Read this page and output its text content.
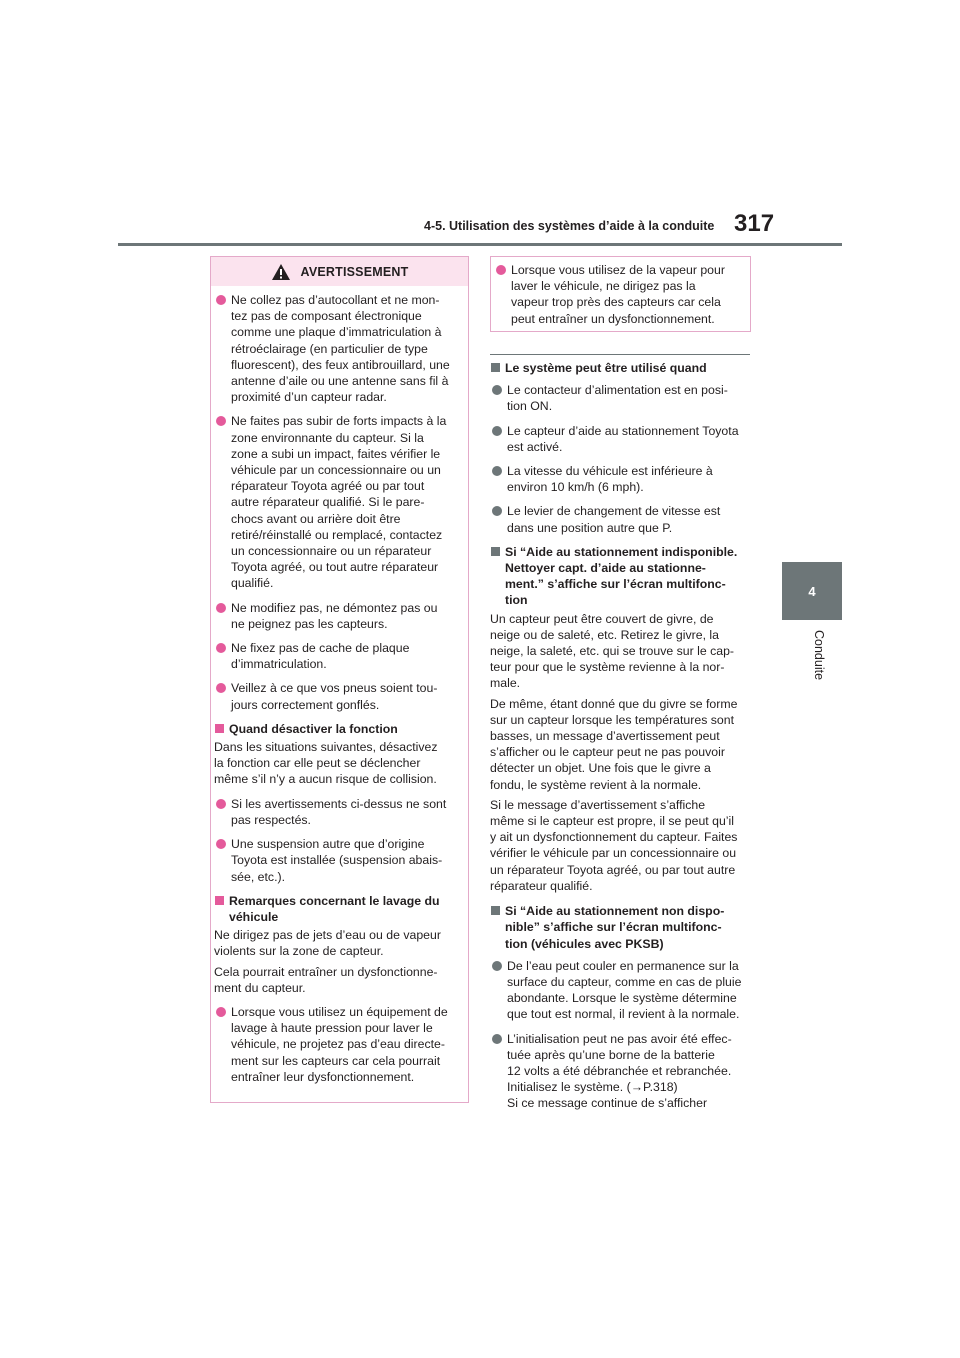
4-5. Utilisation des systèmes d’aide à la conduite 317
4
Conduite
AVERTISSEMENT
Ne collez pas d’autocollant et ne mon-
tez pas de composant électronique
comme une plaque d’immatriculation à
rétroéclairage (en particulier de type
fluorescent), des feux antibrouillard, une
antenne d’aile ou une antenne sans fil à
proximité d’un capteur radar.
Ne faites pas subir de forts impacts à la
zone environnante du capteur. Si la
zone a subi un impact, faites vérifier le
véhicule par un concessionnaire ou un
réparateur Toyota agréé ou par tout
autre réparateur qualifié. Si le pare-
chocs avant ou arrière doit être
retiré/réinstallé ou remplacé, contactez
un concessionnaire ou un réparateur
Toyota agréé, ou tout autre réparateur
qualifié.
Ne modifiez pas, ne démontez pas ou
ne peignez pas les capteurs.
Ne fixez pas de cache de plaque
d’immatriculation.
Veillez à ce que vos pneus soient tou-
jours correctement gonflés.
Quand désactiver la fonction
Dans les situations suivantes, désactivez
la fonction car elle peut se déclencher
même s’il n’y a aucun risque de collision.
Si les avertissements ci-dessus ne sont
pas respectés.
Une suspension autre que d’origine
Toyota est installée (suspension abais-
sée, etc.).
Remarques concernant le lavage du
véhicule
Ne dirigez pas de jets d’eau ou de vapeur
violents sur la zone de capteur.
Cela pourrait entraîner un dysfonctionne-
ment du capteur.
Lorsque vous utilisez un équipement de
lavage à haute pression pour laver le
véhicule, ne projetez pas d’eau directe-
ment sur les capteurs car cela pourrait
entraîner leur dysfonctionnement.
Lorsque vous utilisez de la vapeur pour
laver le véhicule, ne dirigez pas la
vapeur trop près des capteurs car cela
peut entraîner un dysfonctionnement.
Le système peut être utilisé quand
Le contacteur d’alimentation est en posi-
tion ON.
Le capteur d’aide au stationnement Toyota
est activé.
La vitesse du véhicule est inférieure à
environ 10 km/h (6 mph).
Le levier de changement de vitesse est
dans une position autre que P.
Si “Aide au stationnement indisponible.
Nettoyer capt. d’aide au stationne-
ment.” s’affiche sur l’écran multifonc-
tion
Un capteur peut être couvert de givre, de
neige ou de saleté, etc. Retirez le givre, la
neige, la saleté, etc. qui se trouve sur le cap-
teur pour que le système revienne à la nor-
male.
De même, étant donné que du givre se forme
sur un capteur lorsque les températures sont
basses, un message d’avertissement peut
s’afficher ou le capteur peut ne pas pouvoir
détecter un objet. Une fois que le givre a
fondu, le système revient à la normale.
Si le message d’avertissement s’affiche
même si le capteur est propre, il se peut qu’il
y ait un dysfonctionnement du capteur. Faites
vérifier le véhicule par un concessionnaire ou
un réparateur Toyota agréé, ou par tout autre
réparateur qualifié.
Si “Aide au stationnement non dispo-
nible” s’affiche sur l’écran multifonc-
tion (véhicules avec PKSB)
De l’eau peut couler en permanence sur la
surface du capteur, comme en cas de pluie
abondante. Lorsque le système détermine
que tout est normal, il revient à la normale.
L’initialisation peut ne pas avoir été effec-
tuée après qu’une borne de la batterie
12 volts a été débranchée et rebranchée.
Initialisez le système. (→P.318)
Si ce message continue de s’afficher
